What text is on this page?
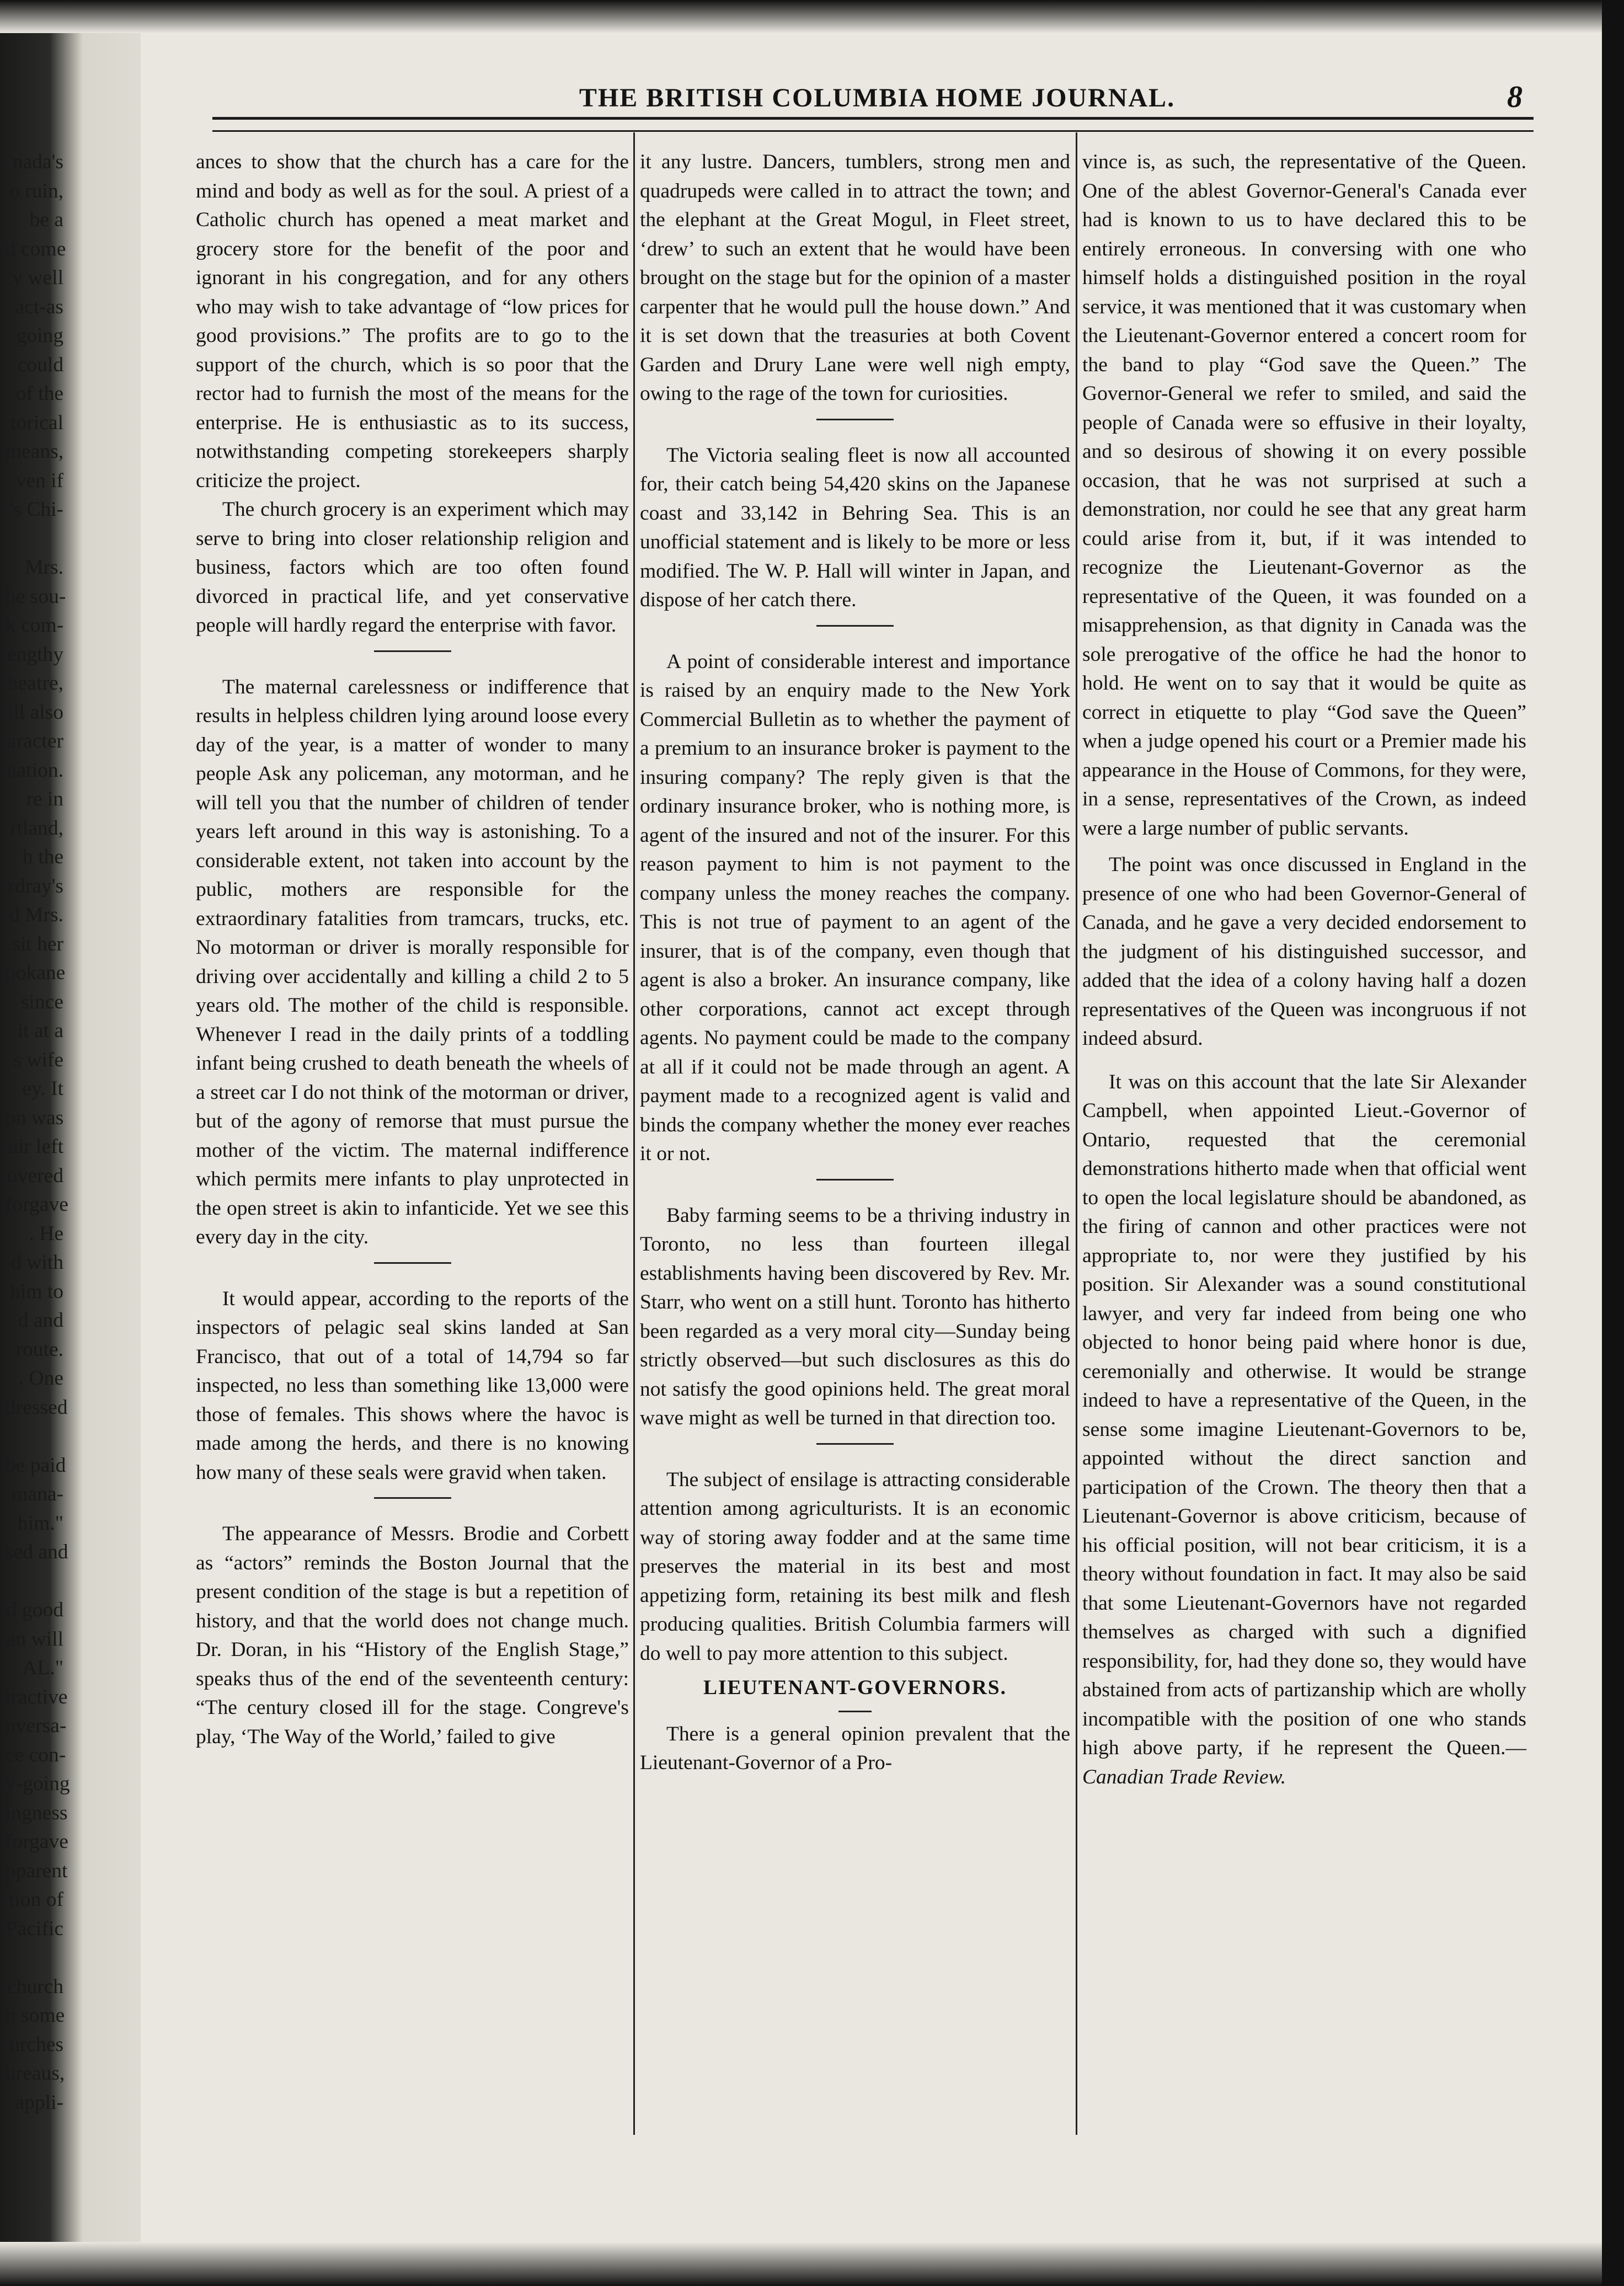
nada's
o ruin,
be a
d come
y well
act-as
going
could
of the
torical
means,
ven if
's Chi-
Mrs.
he sou-
k com-
engthy
heatre,
ill also
aracter
nation.
re in
rtland,
h the
rdray's
d Mrs.
sit her
ookane
since
it at a
s wife
ey. It
on was
air left
overed
forgave
. He
d with
him to
d and
route.
. One
dressed
be paid
mana-
him."
sed and
d good
an will
AL."
tractive
nversa-
ce con-
y-going
ingness
forgave
pparent
tion of
Pacific
church
n some
urches
ureaus,
appli-
THE BRITISH COLUMBIA HOME JOURNAL.	8

ances to show that the church has a care for the mind and body as well as for the soul. A priest of a Catholic church has opened a meat market and grocery store for the benefit of the poor and ignorant in his congregation, and for any others who may wish to take advantage of “low prices for good provisions.” The profits are to go to the support of the church, which is so poor that the rector had to furnish the most of the means for the enterprise. He is enthusiastic as to its success, notwithstanding competing storekeepers sharply criticize the project.

The church grocery is an experiment which may serve to bring into closer relationship religion and business, factors which are too often found divorced in practical life, and yet conservative people will hardly regard the enterprise with favor.

The maternal carelessness or indifference that results in helpless children lying around loose every day of the year, is a matter of wonder to many people Ask any policeman, any motorman, and he will tell you that the number of children of tender years left around in this way is astonishing. To a considerable extent, not taken into account by the public, mothers are responsible for the extraordinary fatalities from tramcars, trucks, etc. No motorman or driver is morally responsible for driving over accidentally and killing a child 2 to 5 years old. The mother of the child is responsible. Whenever I read in the daily prints of a toddling infant being crushed to death beneath the wheels of a street car I do not think of the motorman or driver, but of the agony of remorse that must pursue the mother of the victim. The maternal indifference which permits mere infants to play unprotected in the open street is akin to infanticide. Yet we see this every day in the city.

It would appear, according to the reports of the inspectors of pelagic seal skins landed at San Francisco, that out of a total of 14,794 so far inspected, no less than something like 13,000 were those of females. This shows where the havoc is made among the herds, and there is no knowing how many of these seals were gravid when taken.

The appearance of Messrs. Brodie and Corbett as “actors” reminds the Boston Journal that the present condition of the stage is but a repetition of history, and that the world does not change much. Dr. Doran, in his “History of the English Stage,” speaks thus of the end of the seventeenth century: “The century closed ill for the stage. Congreve's play, ‘The Way of the World,’ failed to give

it any lustre. Dancers, tumblers, strong men and quadrupeds were called in to attract the town; and the elephant at the Great Mogul, in Fleet street, ‘drew’ to such an extent that he would have been brought on the stage but for the opinion of a master carpenter that he would pull the house down.” And it is set down that the treasuries at both Covent Garden and Drury Lane were well nigh empty, owing to the rage of the town for curiosities.

The Victoria sealing fleet is now all accounted for, their catch being 54,420 skins on the Japanese coast and 33,142 in Behring Sea. This is an unofficial statement and is likely to be more or less modified. The W. P. Hall will winter in Japan, and dispose of her catch there.

A point of considerable interest and importance is raised by an enquiry made to the New York Commercial Bulletin as to whether the payment of a premium to an insurance broker is payment to the insuring company? The reply given is that the ordinary insurance broker, who is nothing more, is agent of the insured and not of the insurer. For this reason payment to him is not payment to the company unless the money reaches the company. This is not true of payment to an agent of the insurer, that is of the company, even though that agent is also a broker. An insurance company, like other corporations, cannot act except through agents. No payment could be made to the company at all if it could not be made through an agent. A payment made to a recognized agent is valid and binds the company whether the money ever reaches it or not.

Baby farming seems to be a thriving industry in Toronto, no less than fourteen illegal establishments having been discovered by Rev. Mr. Starr, who went on a still hunt. Toronto has hitherto been regarded as a very moral city—Sunday being strictly observed—but such disclosures as this do not satisfy the good opinions held. The great moral wave might as well be turned in that direction too.

The subject of ensilage is attracting considerable attention among agriculturists. It is an economic way of storing away fodder and at the same time preserves the material in its best and most appetizing form, retaining its best milk and flesh producing qualities. British Columbia farmers will do well to pay more attention to this subject.

LIEUTENANT-GOVERNORS.

There is a general opinion prevalent that the Lieutenant-Governor of a Pro-

vince is, as such, the representative of the Queen. One of the ablest Governor-General's Canada ever had is known to us to have declared this to be entirely erroneous. In conversing with one who himself holds a distinguished position in the royal service, it was mentioned that it was customary when the Lieutenant-Governor entered a concert room for the band to play “God save the Queen.” The Governor-General we refer to smiled, and said the people of Canada were so effusive in their loyalty, and so desirous of showing it on every possible occasion, that he was not surprised at such a demonstration, nor could he see that any great harm could arise from it, but, if it was intended to recognize the Lieutenant-Governor as the representative of the Queen, it was founded on a misapprehension, as that dignity in Canada was the sole prerogative of the office he had the honor to hold. He went on to say that it would be quite as correct in etiquette to play “God save the Queen” when a judge opened his court or a Premier made his appearance in the House of Commons, for they were, in a sense, representatives of the Crown, as indeed were a large number of public servants.

The point was once discussed in England in the presence of one who had been Governor-General of Canada, and he gave a very decided endorsement to the judgment of his distinguished successor, and added that the idea of a colony having half a dozen representatives of the Queen was incongruous if not indeed absurd.

It was on this account that the late Sir Alexander Campbell, when appointed Lieut.-Governor of Ontario, requested that the ceremonial demonstrations hitherto made when that official went to open the local legislature should be abandoned, as the firing of cannon and other practices were not appropriate to, nor were they justified by his position. Sir Alexander was a sound constitutional lawyer, and very far indeed from being one who objected to honor being paid where honor is due, ceremonially and otherwise. It would be strange indeed to have a representative of the Queen, in the sense some imagine Lieutenant-Governors to be, appointed without the direct sanction and participation of the Crown. The theory then that a Lieutenant-Governor is above criticism, because of his official position, will not bear criticism, it is a theory without foundation in fact. It may also be said that some Lieutenant-Governors have not regarded themselves as charged with such a dignified responsibility, for, had they done so, they would have abstained from acts of partizanship which are wholly incompatible with the position of one who stands high above party, if he represent the Queen.—Canadian Trade Review.
